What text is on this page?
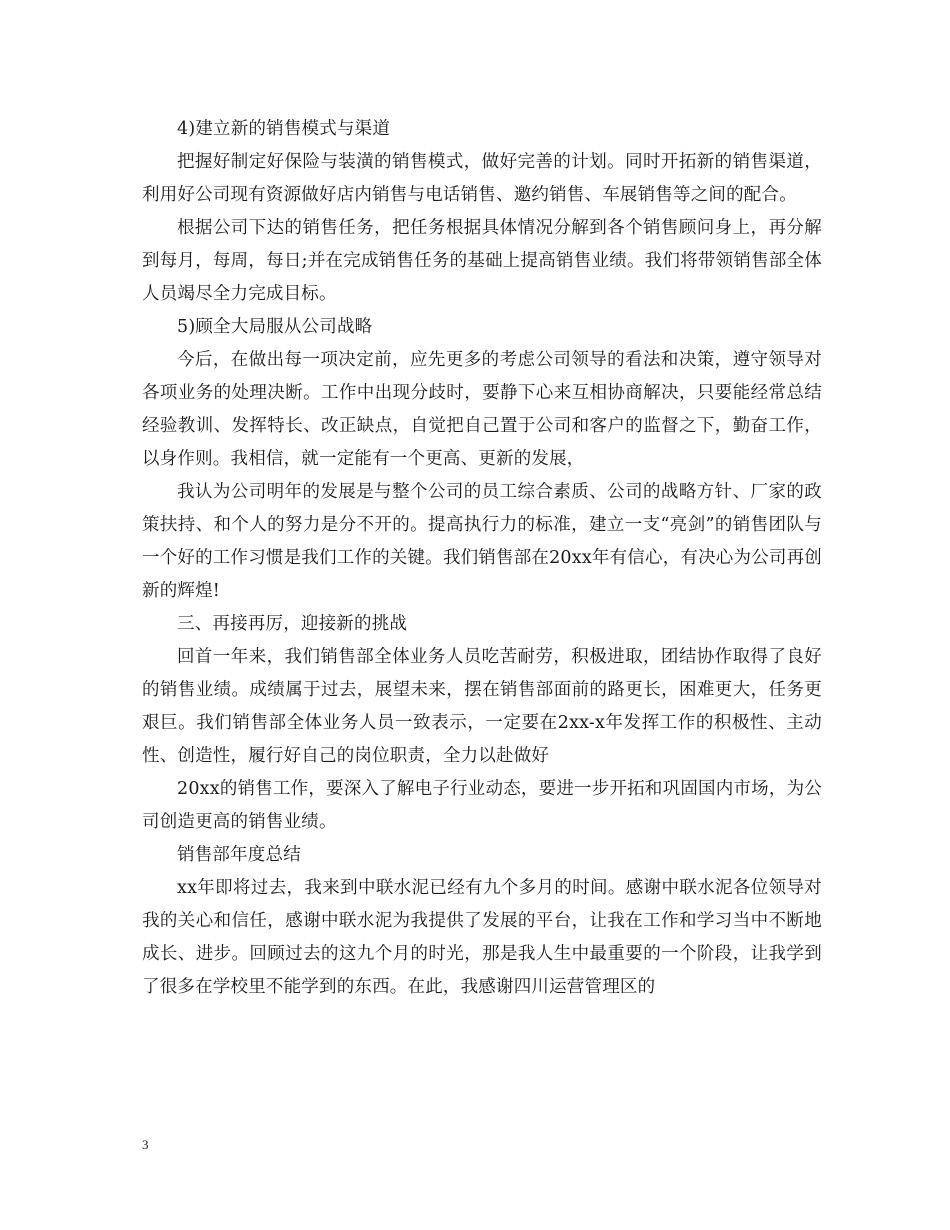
4)建立新的销售模式与渠道

把握好制定好保险与装潢的销售模式，做好完善的计划。同时开拓新的销售渠道，利用好公司现有资源做好店内销售与电话销售、邀约销售、车展销售等之间的配合。

根据公司下达的销售任务，把任务根据具体情况分解到各个销售顾问身上，再分解到每月，每周，每日;并在完成销售任务的基础上提高销售业绩。我们将带领销售部全体人员竭尽全力完成目标。

5)顾全大局服从公司战略

今后，在做出每一项决定前，应先更多的考虑公司领导的看法和决策，遵守领导对各项业务的处理决断。工作中出现分歧时，要静下心来互相协商解决，只要能经常总结经验教训、发挥特长、改正缺点，自觉把自己置于公司和客户的监督之下，勤奋工作，以身作则。我相信，就一定能有一个更高、更新的发展，

我认为公司明年的发展是与整个公司的员工综合素质、公司的战略方针、厂家的政策扶持、和个人的努力是分不开的。提高执行力的标准，建立一支“亮剑”的销售团队与一个好的工作习惯是我们工作的关键。我们销售部在20xx年有信心，有决心为公司再创新的辉煌!

三、再接再厉，迎接新的挑战

回首一年来，我们销售部全体业务人员吃苦耐劳，积极进取，团结协作取得了良好的销售业绩。成绩属于过去，展望未来，摆在销售部面前的路更长，困难更大，任务更艰巨。我们销售部全体业务人员一致表示，一定要在2xx-x年发挥工作的积极性、主动性、创造性，履行好自己的岗位职责，全力以赴做好

20xx的销售工作，要深入了解电子行业动态，要进一步开拓和巩固国内市场，为公司创造更高的销售业绩。

销售部年度总结

xx年即将过去，我来到中联水泥已经有九个多月的时间。感谢中联水泥各位领导对我的关心和信任，感谢中联水泥为我提供了发展的平台，让我在工作和学习当中不断地成长、进步。回顾过去的这九个月的时光，那是我人生中最重要的一个阶段，让我学到了很多在学校里不能学到的东西。在此，我感谢四川运营管理区的

3
